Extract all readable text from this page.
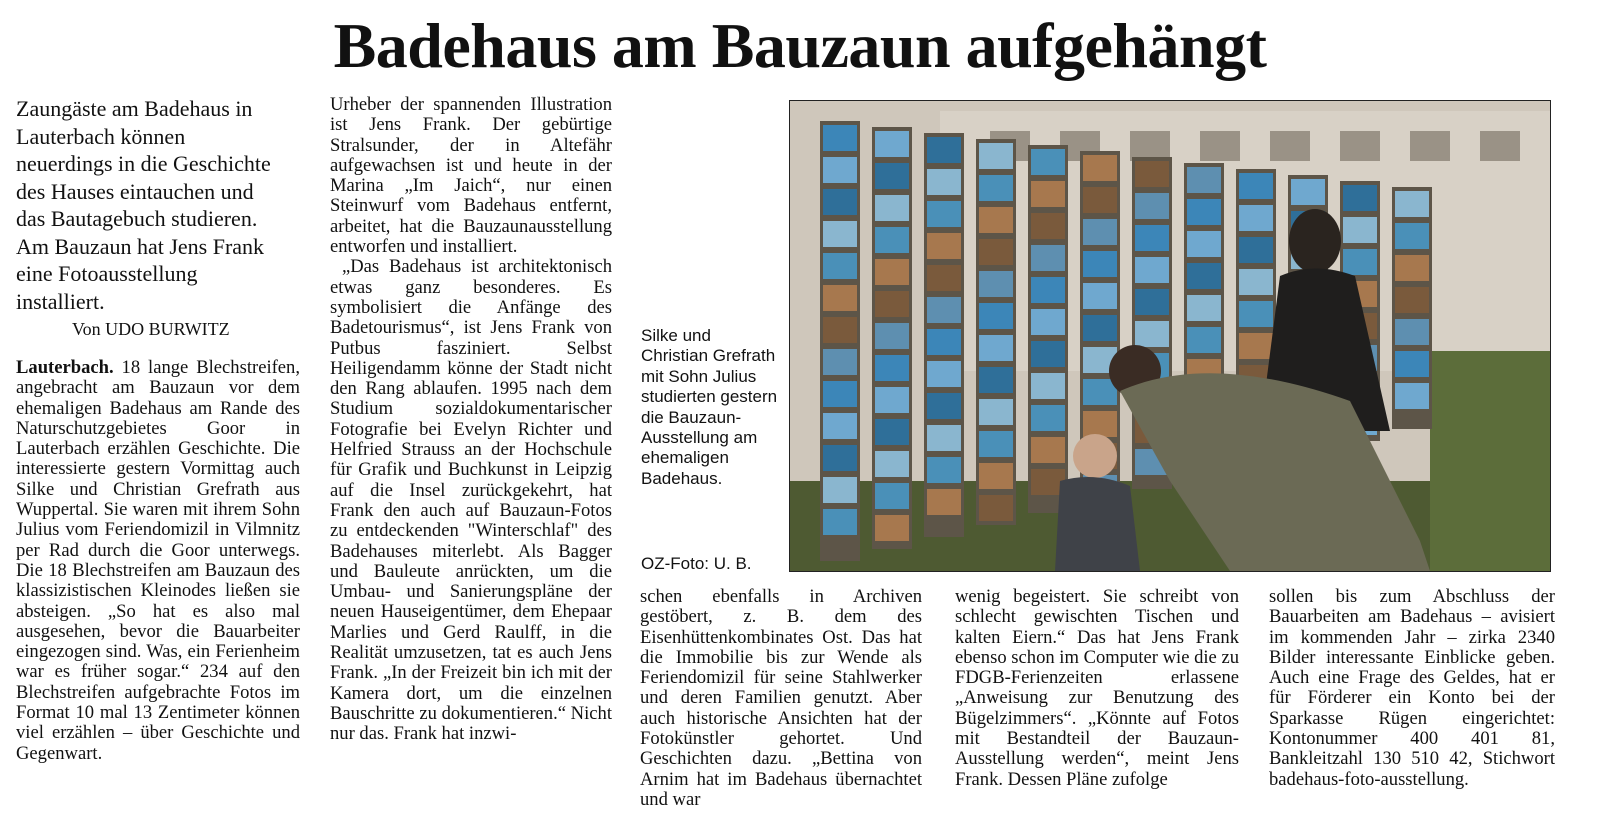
Badehaus am Bauzaun aufgehängt
Zaungäste am Badehaus in Lauterbach können neuerdings in die Geschichte des Hauses eintauchen und das Bautagebuch studieren. Am Bauzaun hat Jens Frank eine Fotoausstellung installiert.
Von UDO BURWITZ
Lauterbach. 18 lange Blechstreifen, angebracht am Bauzaun vor dem ehemaligen Badehaus am Rande des Naturschutzgebietes Goor in Lauterbach erzählen Geschichte. Die interessierte gestern Vormittag auch Silke und Christian Grefrath aus Wuppertal. Sie waren mit ihrem Sohn Julius vom Feriendomizil in Vilmnitz per Rad durch die Goor unterwegs. Die 18 Blechstreifen am Bauzaun des klassizistischen Kleinodes ließen sie absteigen. „So hat es also mal ausgesehen, bevor die Bauarbeiter eingezogen sind. Was, ein Ferienheim war es früher sogar.“ 234 auf den Blechstreifen aufgebrachte Fotos im Format 10 mal 13 Zentimeter können viel erzählen – über Geschichte und Gegenwart.
Urheber der spannenden Illustration ist Jens Frank. Der gebürtige Stralsunder, der in Altefähr aufgewachsen ist und heute in der Marina „Im Jaich“, nur einen Steinwurf vom Badehaus entfernt, arbeitet, hat die Bauzaunausstellung entworfen und installiert.
„Das Badehaus ist architektonisch etwas ganz besonderes. Es symbolisiert die Anfänge des Badetourismus“, ist Jens Frank von Putbus fasziniert. Selbst Heiligendamm könne der Stadt nicht den Rang ablaufen. 1995 nach dem Studium sozialdokumentarischer Fotografie bei Evelyn Richter und Helfried Strauss an der Hochschule für Grafik und Buchkunst in Leipzig auf die Insel zurückgekehrt, hat Frank den auch auf Bauzaun-Fotos zu entdeckenden "Winterschlaf" des Badehauses miterlebt. Als Bagger und Bauleute anrückten, um die Umbau- und Sanierungspläne der neuen Hauseigentümer, dem Ehepaar Marlies und Gerd Raulff, in die Realität umzusetzen, tat es auch Jens Frank. „In der Freizeit bin ich mit der Kamera dort, um die einzelnen Bauschritte zu dokumentieren.“ Nicht nur das. Frank hat inzwi-
Silke und Christian Grefrath mit Sohn Julius studierten gestern die Bauzaun-Ausstellung am ehemaligen Badehaus.
OZ-Foto: U. B.
schen ebenfalls in Archiven gestöbert, z. B. dem des Eisenhüttenkombinates Ost. Das hat die Immobilie bis zur Wende als Feriendomizil für seine Stahlwerker und deren Familien genutzt. Aber auch historische Ansichten hat der Fotokünstler gehortet. Und Geschichten dazu. „Bettina von Arnim hat im Badehaus übernachtet und war
wenig begeistert. Sie schreibt von schlecht gewischten Tischen und kalten Eiern.“ Das hat Jens Frank ebenso schon im Computer wie die zu FDGB-Ferienzeiten erlassene „Anweisung zur Benutzung des Bügelzimmers“. „Könnte auf Fotos mit Bestandteil der Bauzaun-Ausstellung werden“, meint Jens Frank. Dessen Pläne zufolge
sollen bis zum Abschluss der Bauarbeiten am Badehaus – avisiert im kommenden Jahr – zirka 2340 Bilder interessante Einblicke geben. Auch eine Frage des Geldes, hat er für Förderer ein Konto bei der Sparkasse Rügen eingerichtet: Kontonummer 400 401 81, Bankleitzahl 130 510 42, Stichwort badehaus-foto-ausstellung.
